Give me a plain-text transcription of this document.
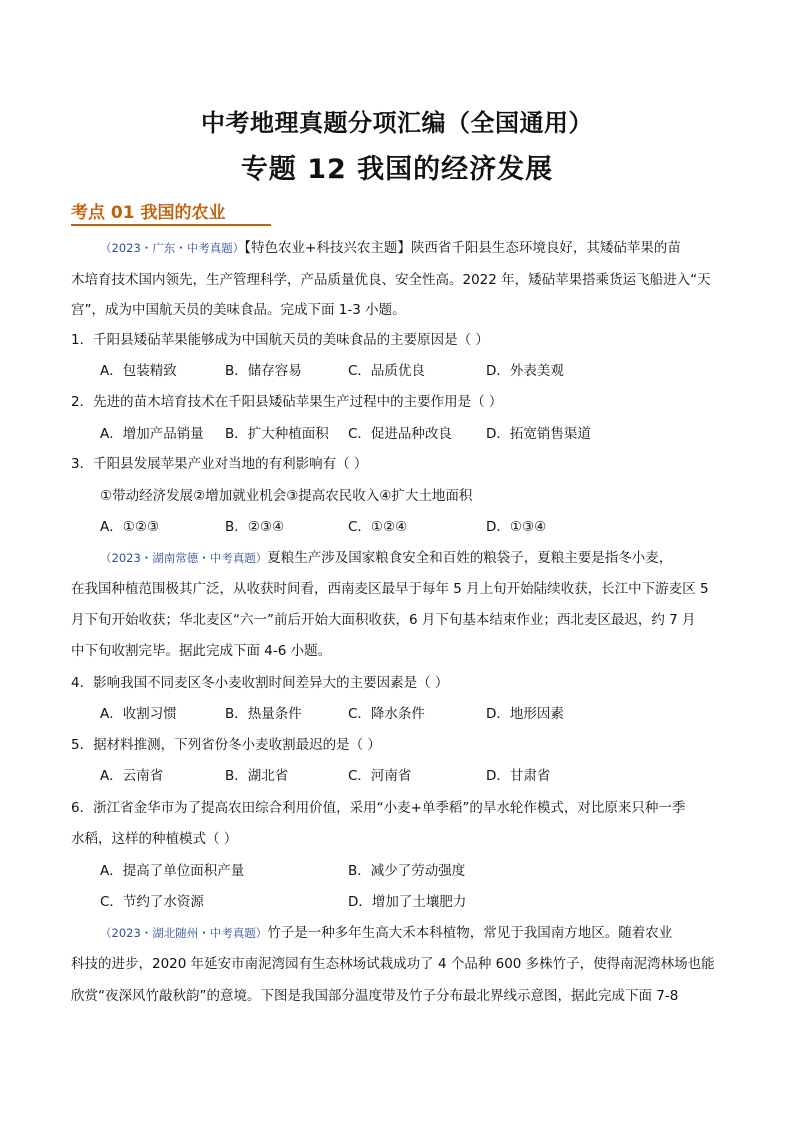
中考地理真题分项汇编（全国通用）
专题 12 我国的经济发展
考点 01 我国的农业
（2023・广东・中考真题）【特色农业+科技兴农主题】陕西省千阳县生态环境良好，其矮砧苹果的苗
木培育技术国内领先，生产管理科学，产品质量优良、安全性高。2022 年，矮砧苹果搭乘货运飞船进入“天
宫”，成为中国航天员的美味食品。完成下面 1-3 小题。
1．千阳县矮砧苹果能够成为中国航天员的美味食品的主要原因是（ ）
A．包装精致	B．储存容易	C．品质优良	D．外表美观
2．先进的苗木培育技术在千阳县矮砧苹果生产过程中的主要作用是（ ）
A．增加产品销量 B．扩大种植面积 C．促进品种改良	D．拓宽销售渠道
3．千阳县发展苹果产业对当地的有利影响有（ ）
①带动经济发展②增加就业机会③提高农民收入④扩大土地面积
A．①②③	B．②③④	C．①②④	D．①③④
（2023・湖南常德・中考真题）夏粮生产涉及国家粮食安全和百姓的粮袋子，夏粮主要是指冬小麦，
在我国种植范围极其广泛，从收获时间看，西南麦区最早于每年 5 月上旬开始陆续收获，长江中下游麦区 5
月下旬开始收获；华北麦区“六一”前后开始大面积收获，6 月下旬基本结束作业；西北麦区最迟，约 7 月
中下旬收割完毕。据此完成下面 4-6 小题。
4．影响我国不同麦区冬小麦收割时间差异大的主要因素是（ ）
A．收割习惯	B．热量条件	C．降水条件	D．地形因素
5．据材料推测，下列省份冬小麦收割最迟的是（ ）
A．云南省	B．湖北省	C．河南省	D．甘肃省
6．浙江省金华市为了提高农田综合利用价值，采用“小麦+单季稻”的旱水轮作模式，对比原来只种一季
水稻，这样的种植模式（ ）
A．提高了单位面积产量	B．减少了劳动强度
C．节约了水资源	D．增加了土壤肥力
（2023・湖北随州・中考真题）竹子是一种多年生高大禾本科植物，常见于我国南方地区。随着农业
科技的进步，2020 年延安市南泥湾园有生态林场试栽成功了 4 个品种 600 多株竹子，使得南泥湾林场也能
欣赏“夜深风竹敲秋韵”的意境。下图是我国部分温度带及竹子分布最北界线示意图，据此完成下面 7-8
